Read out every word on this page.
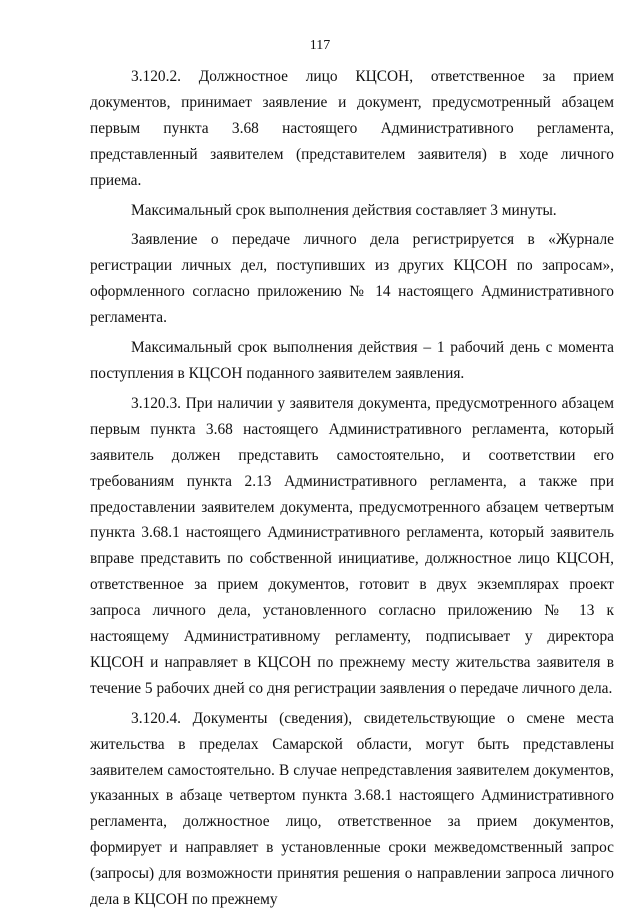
117

3.120.2. Должностное лицо КЦСОН, ответственное за прием документов, принимает заявление и документ, предусмотренный абзацем первым пункта 3.68 настоящего Административного регламента, представленный заявителем (представителем заявителя) в ходе личного приема.

Максимальный срок выполнения действия составляет 3 минуты.

Заявление о передаче личного дела регистрируется в «Журнале регистрации личных дел, поступивших из других КЦСОН по запросам», оформленного согласно приложению № 14 настоящего Административного регламента.

Максимальный срок выполнения действия – 1 рабочий день с момента поступления в КЦСОН поданного заявителем заявления.

3.120.3. При наличии у заявителя документа, предусмотренного абзацем первым пункта 3.68 настоящего Административного регламента, который заявитель должен представить самостоятельно, и соответствии его требованиям пункта 2.13 Административного регламента, а также при предоставлении заявителем документа, предусмотренного абзацем четвертым пункта 3.68.1 настоящего Административного регламента, который заявитель вправе представить по собственной инициативе, должностное лицо КЦСОН, ответственное за прием документов, готовит в двух экземплярах проект запроса личного дела, установленного согласно приложению № 13 к настоящему Административному регламенту, подписывает у директора КЦСОН и направляет в КЦСОН по прежнему месту жительства заявителя в течение 5 рабочих дней со дня регистрации заявления о передаче личного дела.

3.120.4. Документы (сведения), свидетельствующие о смене места жительства в пределах Самарской области, могут быть представлены заявителем самостоятельно. В случае непредставления заявителем документов, указанных в абзаце четвертом пункта 3.68.1 настоящего Административного регламента, должностное лицо, ответственное за прием документов, формирует и направляет в установленные сроки межведомственный запрос (запросы) для возможности принятия решения о направлении запроса личного дела в КЦСОН по прежнему
